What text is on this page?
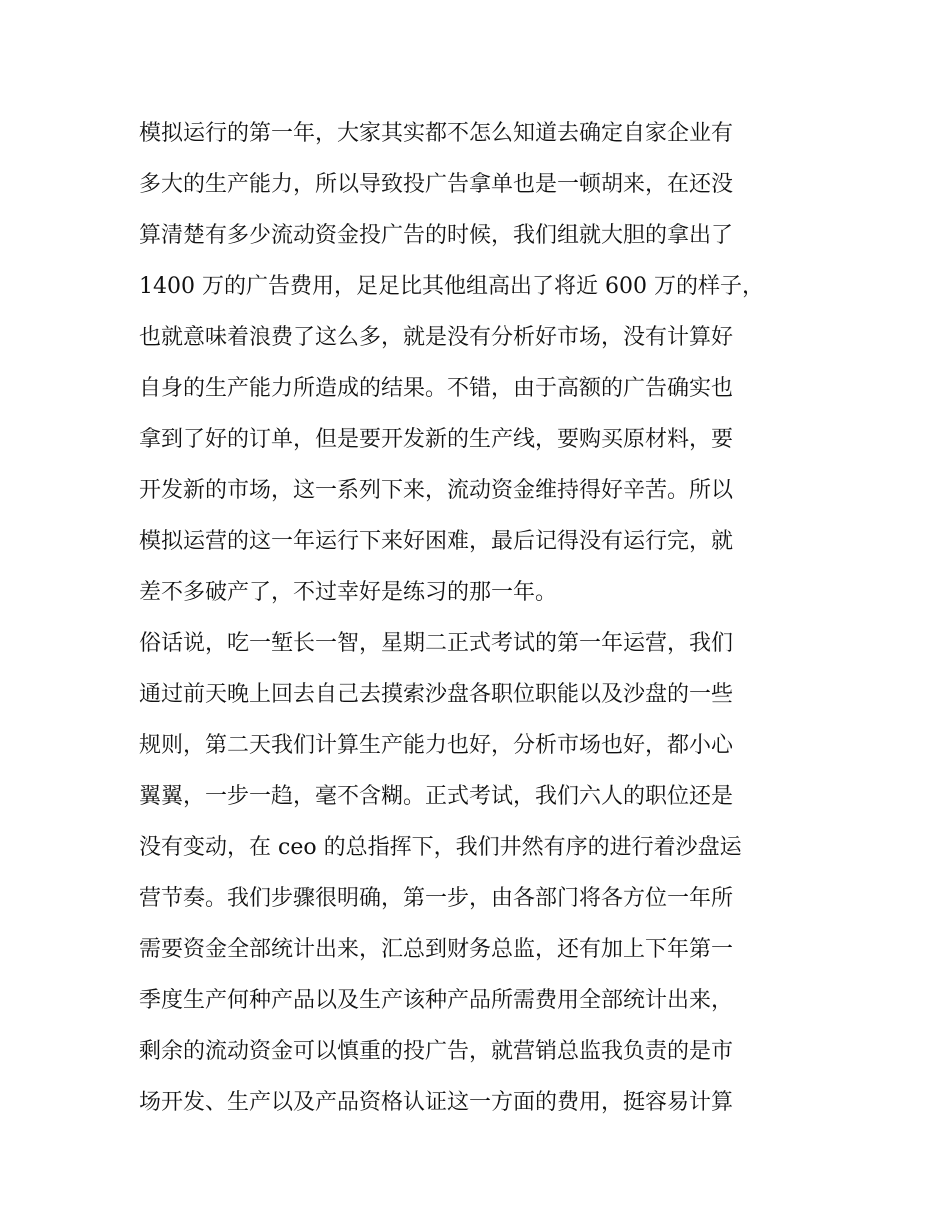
模拟运行的第一年，大家其实都不怎么知道去确定自家企业有
多大的生产能力，所以导致投广告拿单也是一顿胡来，在还没
算清楚有多少流动资金投广告的时候，我们组就大胆的拿出了
1400 万的广告费用，足足比其他组高出了将近 600 万的样子，
也就意味着浪费了这么多，就是没有分析好市场，没有计算好
自身的生产能力所造成的结果。不错，由于高额的广告确实也
拿到了好的订单，但是要开发新的生产线，要购买原材料，要
开发新的市场，这一系列下来，流动资金维持得好辛苦。所以
模拟运营的这一年运行下来好困难，最后记得没有运行完，就
差不多破产了，不过幸好是练习的那一年。
俗话说，吃一堑长一智，星期二正式考试的第一年运营，我们
通过前天晚上回去自己去摸索沙盘各职位职能以及沙盘的一些
规则，第二天我们计算生产能力也好，分析市场也好，都小心
翼翼，一步一趋，毫不含糊。正式考试，我们六人的职位还是
没有变动，在 ceo 的总指挥下，我们井然有序的进行着沙盘运
营节奏。我们步骤很明确，第一步，由各部门将各方位一年所
需要资金全部统计出来，汇总到财务总监，还有加上下年第一
季度生产何种产品以及生产该种产品所需费用全部统计出来，
剩余的流动资金可以慎重的投广告，就营销总监我负责的是市
场开发、生产以及产品资格认证这一方面的费用，挺容易计算
